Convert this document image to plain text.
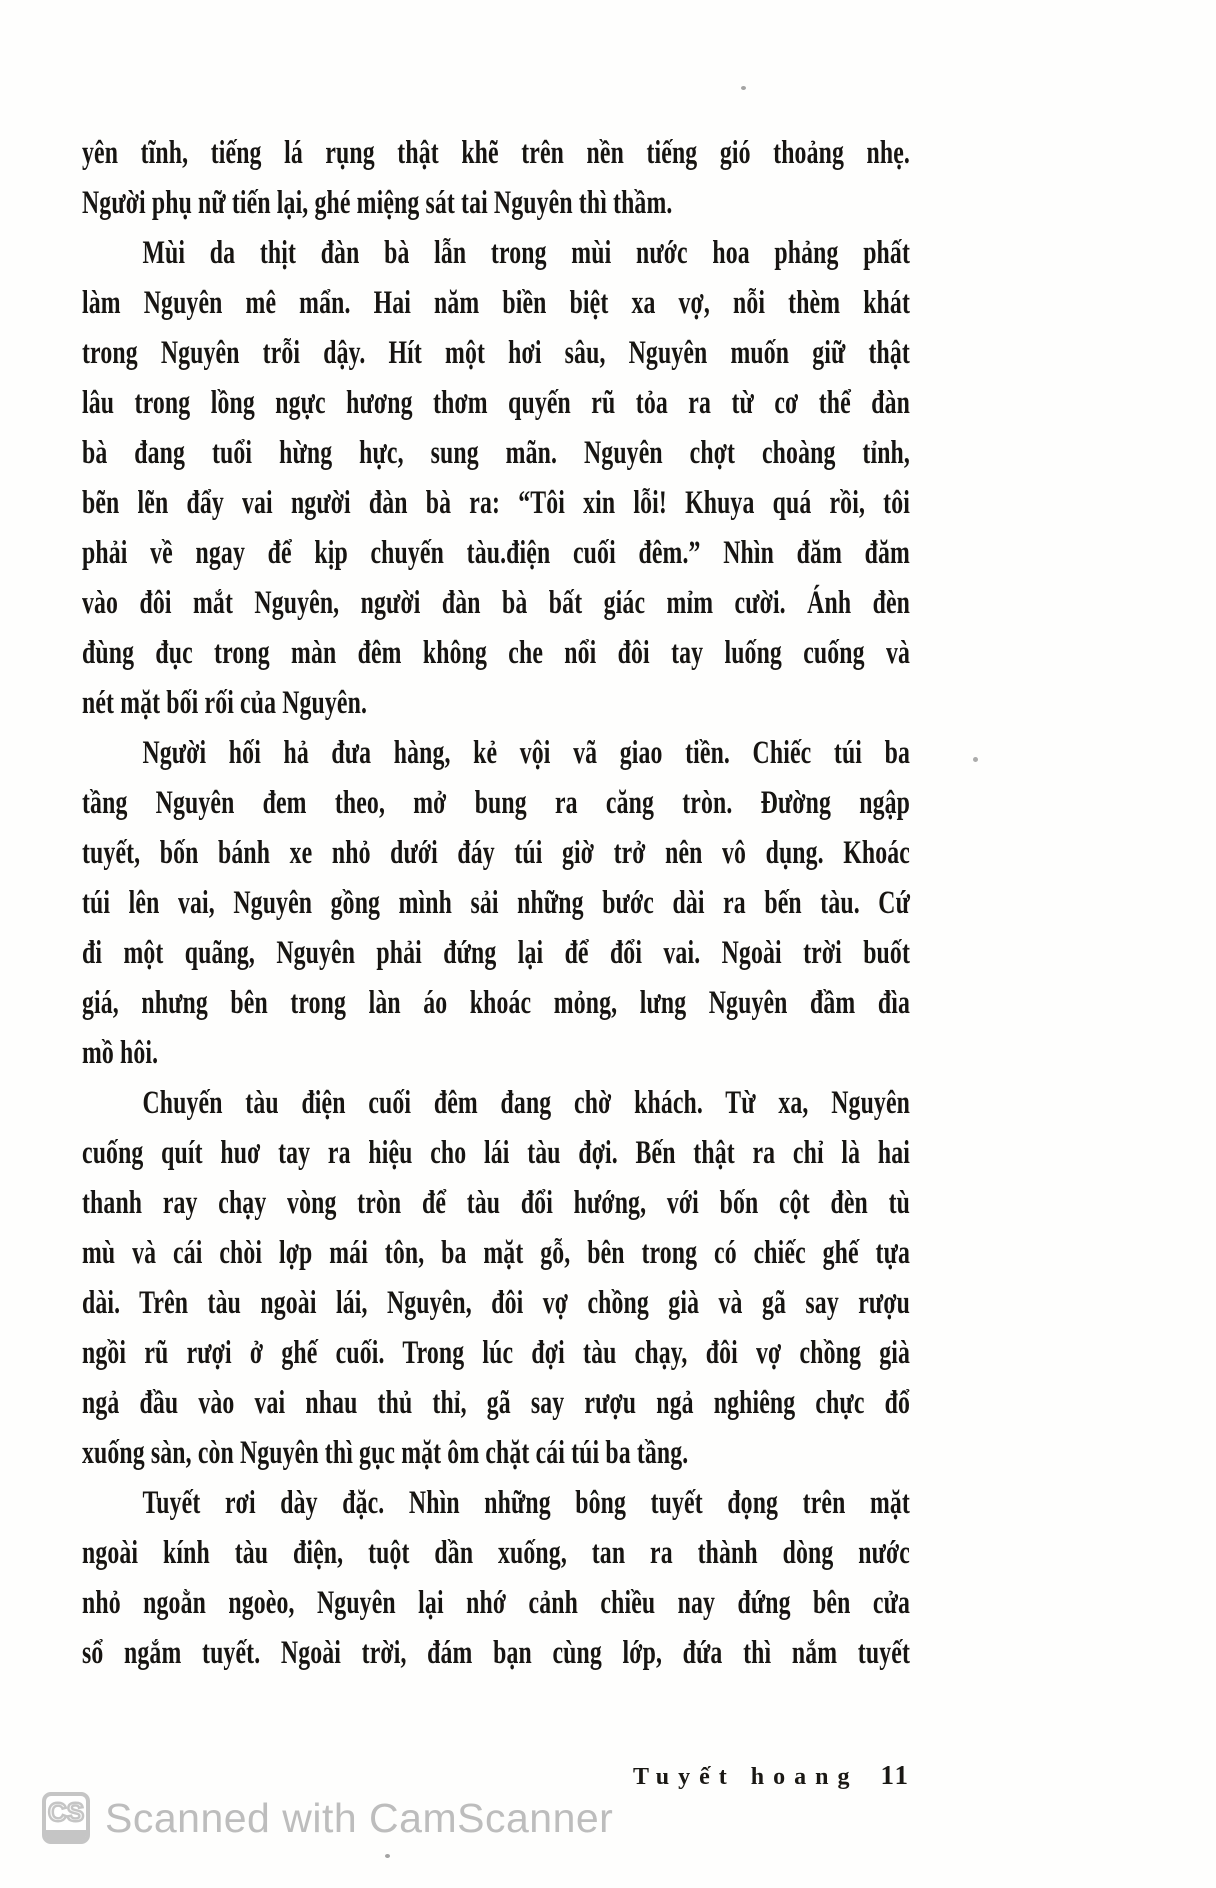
yên tĩnh, tiếng lá rụng thật khẽ trên nền tiếng gió thoảng nhẹ.
Người phụ nữ tiến lại, ghé miệng sát tai Nguyên thì thầm.
Mùi da thịt đàn bà lẫn trong mùi nước hoa phảng phất
làm Nguyên mê mẩn. Hai năm biền biệt xa vợ, nỗi thèm khát
trong Nguyên trỗi dậy. Hít một hơi sâu, Nguyên muốn giữ thật
lâu trong lồng ngực hương thơm quyến rũ tỏa ra từ cơ thể đàn
bà đang tuổi hừng hực, sung mãn. Nguyên chợt choàng tỉnh,
bẽn lẽn đẩy vai người đàn bà ra: “Tôi xin lỗi! Khuya quá rồi, tôi
phải về ngay để kịp chuyến tàu.điện cuối đêm.” Nhìn đăm đăm
vào đôi mắt Nguyên, người đàn bà bất giác mỉm cười. Ánh đèn
đùng đục trong màn đêm không che nổi đôi tay luống cuống và
nét mặt bối rối của Nguyên.
Người hối hả đưa hàng, kẻ vội vã giao tiền. Chiếc túi ba
tầng Nguyên đem theo, mở bung ra căng tròn. Đường ngập
tuyết, bốn bánh xe nhỏ dưới đáy túi giờ trở nên vô dụng. Khoác
túi lên vai, Nguyên gồng mình sải những bước dài ra bến tàu. Cứ
đi một quãng, Nguyên phải đứng lại để đổi vai. Ngoài trời buốt
giá, nhưng bên trong làn áo khoác mỏng, lưng Nguyên đầm đìa
mồ hôi.
Chuyến tàu điện cuối đêm đang chờ khách. Từ xa, Nguyên
cuống quít huơ tay ra hiệu cho lái tàu đợi. Bến thật ra chỉ là hai
thanh ray chạy vòng tròn để tàu đổi hướng, với bốn cột đèn tù
mù và cái chòi lợp mái tôn, ba mặt gỗ, bên trong có chiếc ghế tựa
dài. Trên tàu ngoài lái, Nguyên, đôi vợ chồng già và gã say rượu
ngồi rũ rượi ở ghế cuối. Trong lúc đợi tàu chạy, đôi vợ chồng già
ngả đầu vào vai nhau thủ thỉ, gã say rượu ngả nghiêng chực đổ
xuống sàn, còn Nguyên thì gục mặt ôm chặt cái túi ba tầng.
Tuyết rơi dày đặc. Nhìn những bông tuyết đọng trên mặt
ngoài kính tàu điện, tuột dần xuống, tan ra thành dòng nước
nhỏ ngoằn ngoèo, Nguyên lại nhớ cảnh chiều nay đứng bên cửa
sổ ngắm tuyết. Ngoài trời, đám bạn cùng lớp, đứa thì nắm tuyết
Tuyết hoang 11
CS Scanned with CamScanner
